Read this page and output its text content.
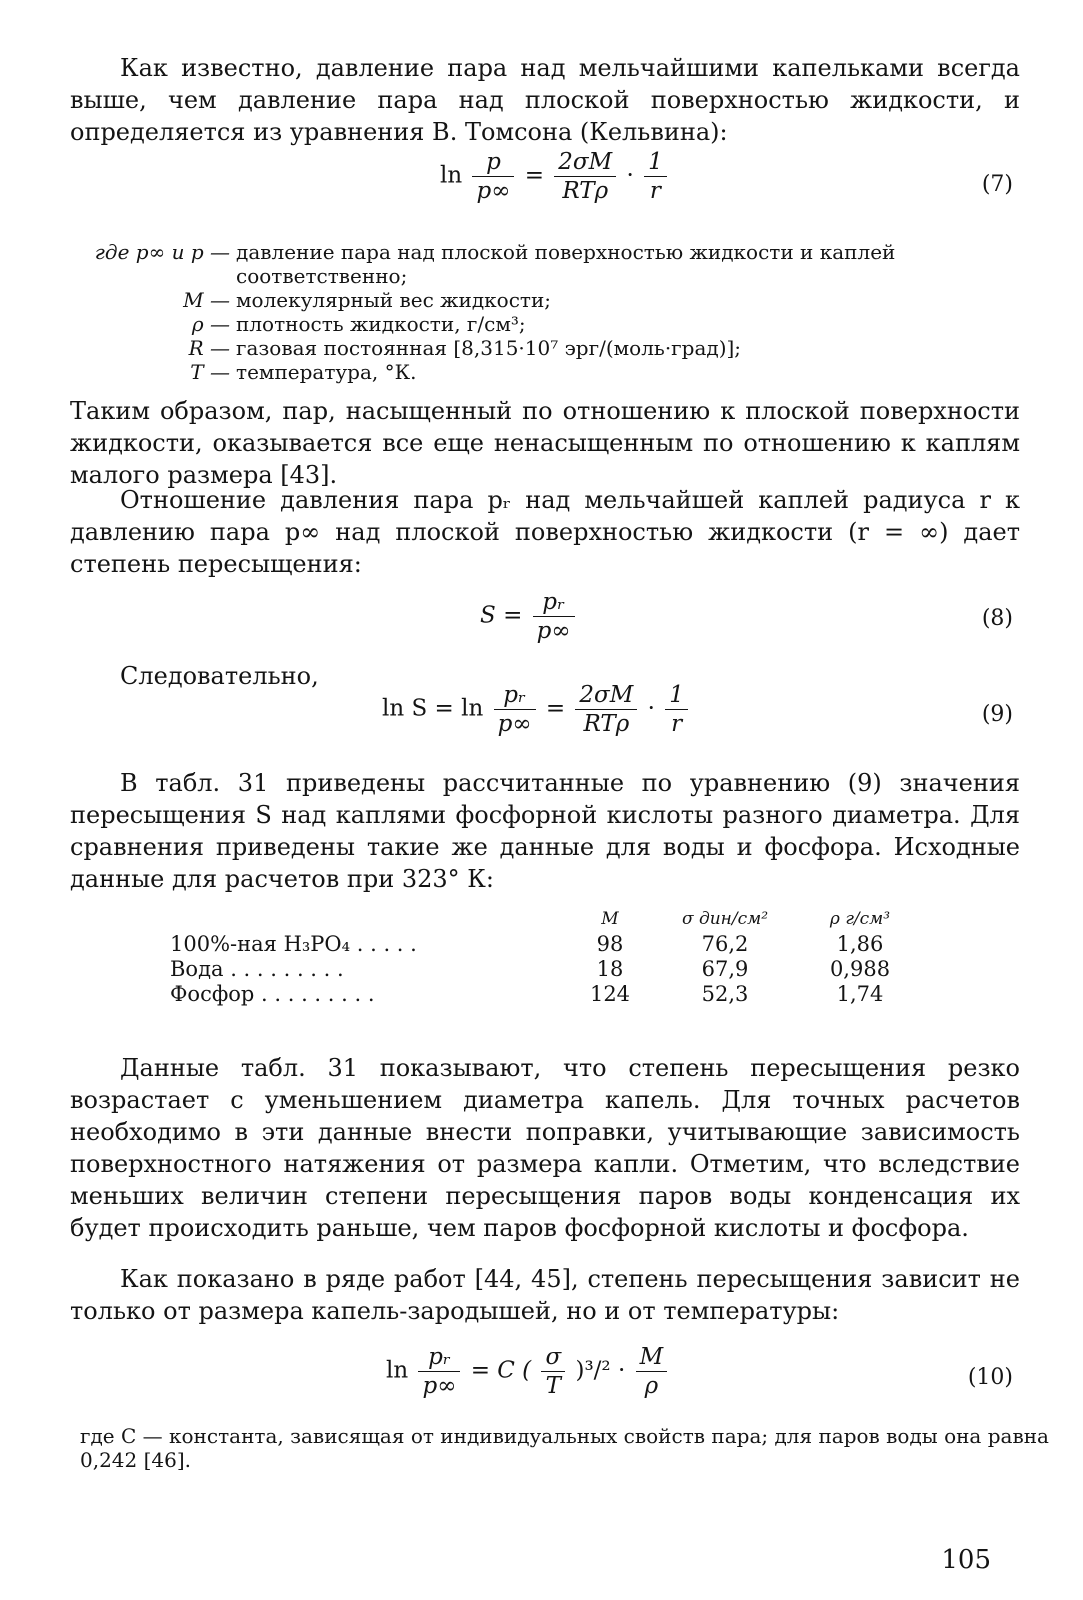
Как известно, давление пара над мельчайшими капельками всегда выше, чем давление пара над плоской поверхностью жидкости, и определяется из уравнения В. Томсона (Кельвина):

$\ln \frac{p}{p\infty} = \frac{2\sigma M}{\text{RTρ}} \cdot \frac{1}{r}$	(7)
где p∞ и p — давление пара над плоской поверхностью жидкости и каплей соответственно;
M — молекулярный вес жидкости;
ρ — плотность жидкости, г/см³;
R — газовая постоянная [8,315·10⁷ эрг/(моль·град)];
T — температура, °К.

Таким образом, пар, насыщенный по отношению к плоской поверхности жидкости, оказывается все еще ненасыщенным по отношению к каплям малого размера [43].

Отношение давления пара pᵣ над мельчайшей каплей радиуса r к давлению пара p∞ над плоской поверхностью жидкости (r = ∞) дает степень пересыщения:

$S = \frac{\text{pᵣ}}{p\infty}$	(8)

Следовательно,

$\ln S = \ln \frac{\text{pᵣ}}{p\infty} = \frac{2\sigma M}{\text{RTρ}} \cdot \frac{1}{r}$	(9)

В табл. 31 приведены рассчитанные по уравнению (9) значения пересыщения S над каплями фосфорной кислоты разного диаметра. Для сравнения приведены такие же данные для воды и фосфора. Исходные данные для расчетов при 323° К:

	M	σ дин/см²	ρ г/см³
100%-ная H₃PO₄ . . . . .	98	76,2	1,86
Вода . . . . . . . . .	18	67,9	0,988
Фосфор . . . . . . . . .	124	52,3	1,74

Данные табл. 31 показывают, что степень пересыщения резко возрастает с уменьшением диаметра капель. Для точных расчетов необходимо в эти данные внести поправки, учитывающие зависимость поверхностного натяжения от размера капли. Отметим, что вследствие меньших величин степени пересыщения паров воды конденсация их будет происходить раньше, чем паров фосфорной кислоты и фосфора.

Как показано в ряде работ [44, 45], степень пересыщения зависит не только от размера капель-зародышей, но и от температуры:

$\ln \frac{\text{pᵣ}}{p\infty} = C$ ( $\frac{\sigma}{T} )^3/^2 \cdot \frac{M}{\rho}$	(10)
где C — константа, зависящая от индивидуальных свойств пара; для паров воды она равна 0,242 [46].
105
